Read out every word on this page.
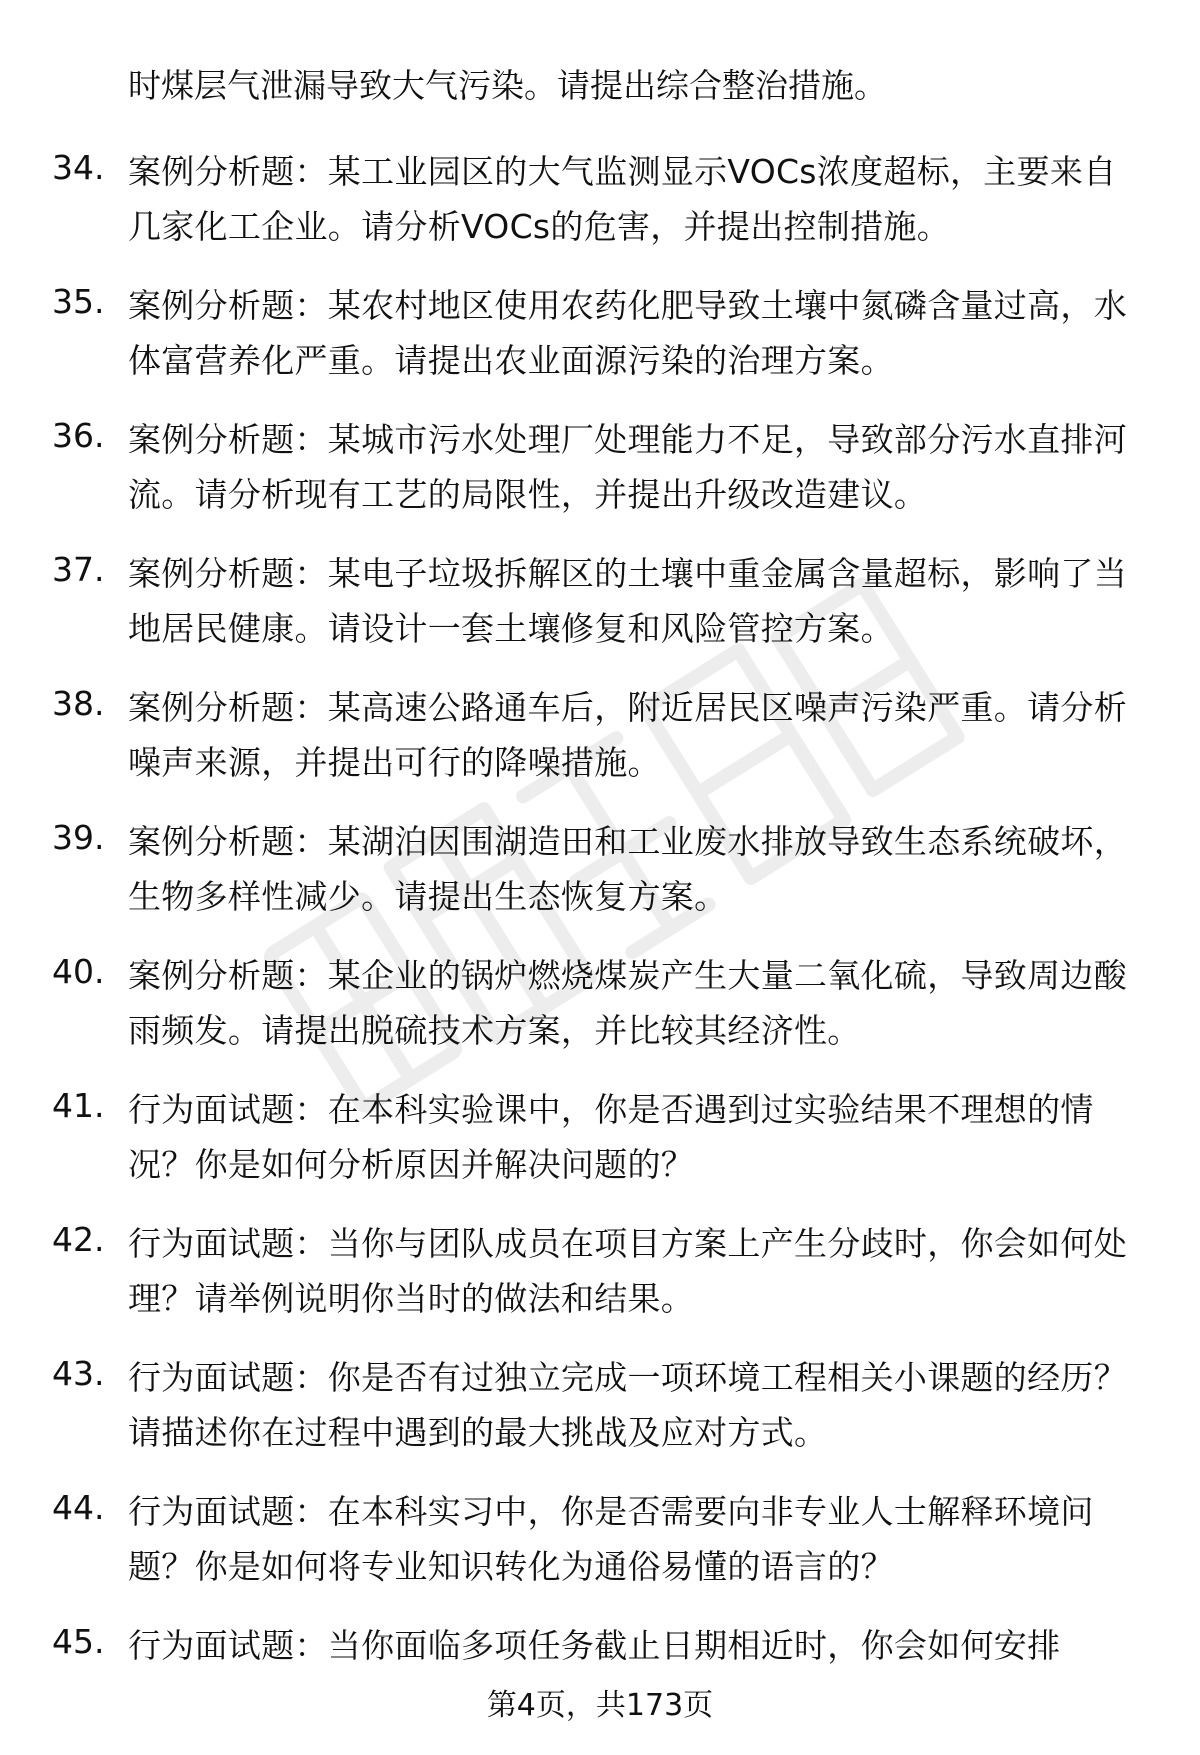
时煤层气泄漏导致大气污染。请提出综合整治措施。
34. 案例分析题：某工业园区的大气监测显示VOCs浓度超标，主要来自几家化工企业。请分析VOCs的危害，并提出控制措施。
35. 案例分析题：某农村地区使用农药化肥导致土壤中氮磷含量过高，水体富营养化严重。请提出农业面源污染的治理方案。
36. 案例分析题：某城市污水处理厂处理能力不足，导致部分污水直排河流。请分析现有工艺的局限性，并提出升级改造建议。
37. 案例分析题：某电子垃圾拆解区的土壤中重金属含量超标，影响了当地居民健康。请设计一套土壤修复和风险管控方案。
38. 案例分析题：某高速公路通车后，附近居民区噪声污染严重。请分析噪声来源，并提出可行的降噪措施。
39. 案例分析题：某湖泊因围湖造田和工业废水排放导致生态系统破坏，生物多样性减少。请提出生态恢复方案。
40. 案例分析题：某企业的锅炉燃烧煤炭产生大量二氧化硫，导致周边酸雨频发。请提出脱硫技术方案，并比较其经济性。
41. 行为面试题：在本科实验课中，你是否遇到过实验结果不理想的情况？你是如何分析原因并解决问题的？
42. 行为面试题：当你与团队成员在项目方案上产生分歧时，你会如何处理？请举例说明你当时的做法和结果。
43. 行为面试题：你是否有过独立完成一项环境工程相关小课题的经历？请描述你在过程中遇到的最大挑战及应对方式。
44. 行为面试题：在本科实习中，你是否需要向非专业人士解释环境问题？你是如何将专业知识转化为通俗易懂的语言的？
45. 行为面试题：当你面临多项任务截止日期相近时，你会如何安排
第4页，共173页
